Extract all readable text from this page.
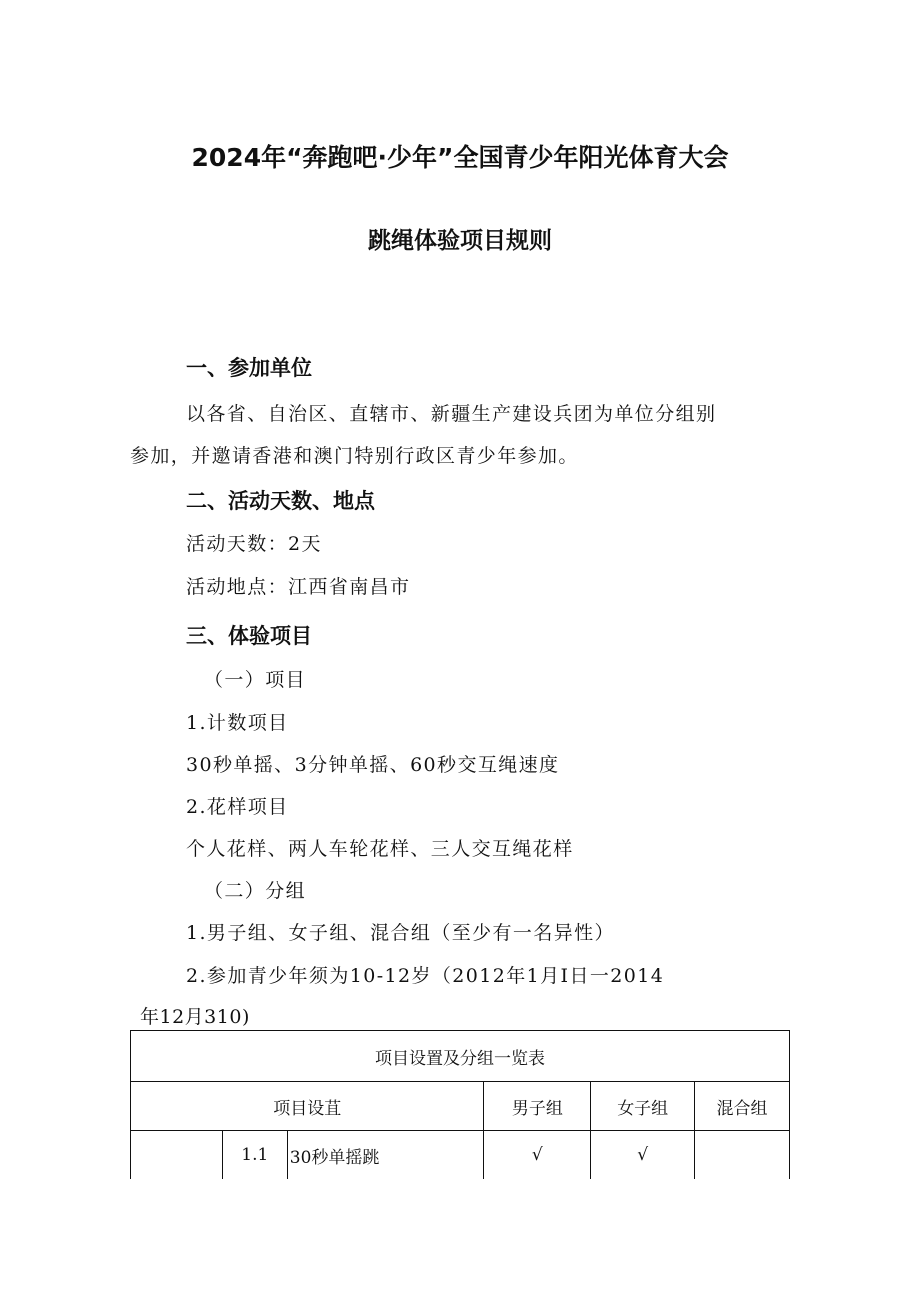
2024年“奔跑吧·少年”全国青少年阳光体育大会
跳绳体验项目规则
一、参加单位
以各省、自治区、直辖市、新疆生产建设兵团为单位分组别
参加，并邀请香港和澳门特别行政区青少年参加。
二、活动天数、地点
活动天数：2天
活动地点：江西省南昌市
三、体验项目
（一）项目
1.计数项目
30秒单摇、3分钟单摇、60秒交互绳速度
2.花样项目
个人花样、两人车轮花样、三人交互绳花样
（二）分组
1.男子组、女子组、混合组（至少有一名异性）
2.参加青少年须为10-12岁（2012年1月I日一2014
年12月310)
项目设置及分组一览表					
项目设苴			男子组	女子组	混合组
	1.1	30秒单摇跳	√	√	
